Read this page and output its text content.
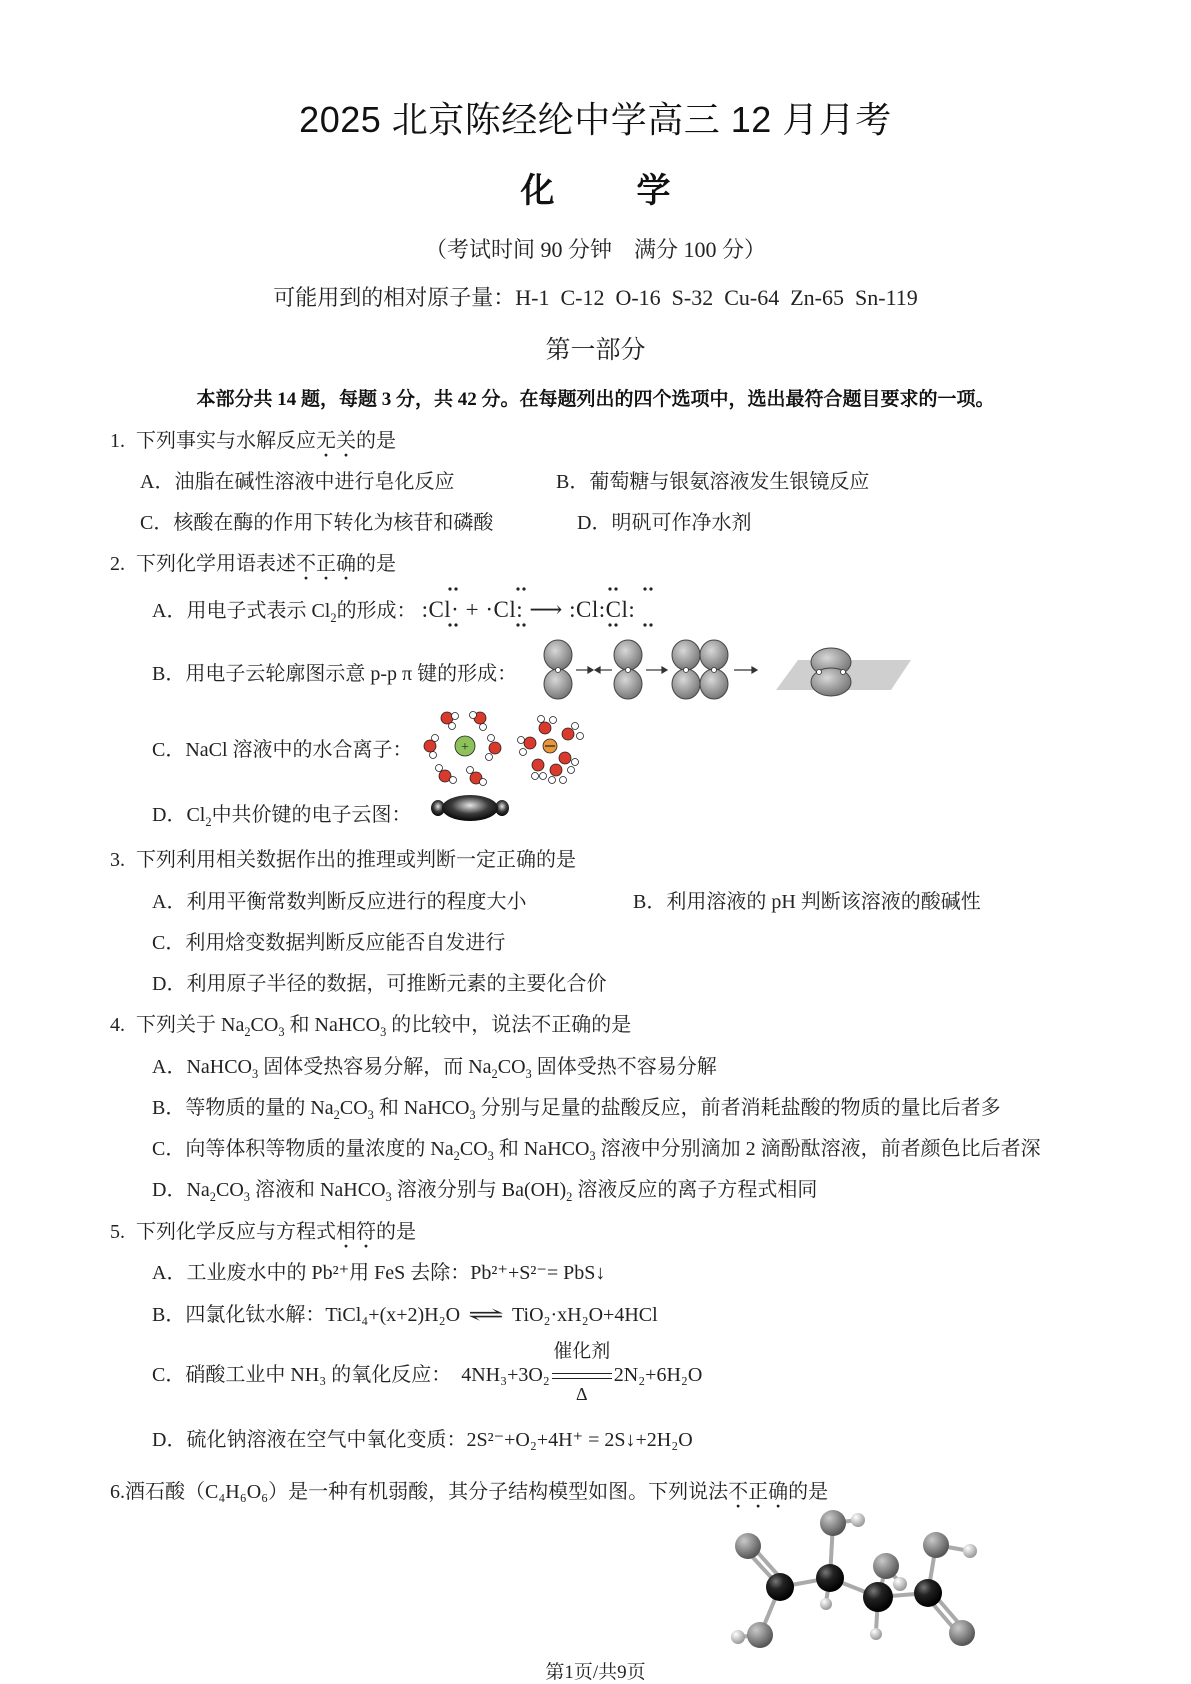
2025 北京陈经纶中学高三 12 月月考
化 学
（考试时间 90 分钟　满分 100 分）
可能用到的相对原子量：H-1  C-12  O-16  S-32  Cu-64  Zn-65  Sn-119
第一部分
本部分共 14 题，每题 3 分，共 42 分。在每题列出的四个选项中，选出最符合题目要求的一项。
1. 下列事实与水解反应无关的是
A．油脂在碱性溶液中进行皂化反应	B．葡萄糖与银氨溶液发生银镜反应
C．核酸在酶的作用下转化为核苷和磷酸	D．明矾可作净水剂
2. 下列化学用语表述不正确的是
A．用电子式表示 $Cl_2$的形成： :Cl· + ·Cl: ⟶ :Cl:Cl:
B．用电子云轮廓图示意 p-p π 键的形成：
C．NaCl 溶液中的水合离子：	+
D．$Cl_2$中共价键的电子云图：
3. 下列利用相关数据作出的推理或判断一定正确的是
A．利用平衡常数判断反应进行的程度大小	B．利用溶液的 pH 判断该溶液的酸碱性
C．利用焓变数据判断反应能否自发进行
D．利用原子半径的数据，可推断元素的主要化合价
4. 下列关于 $Na_2CO_3$ 和 NaHCO$_3$ 的比较中，说法不正确的是
A．NaHCO$_3$ 固体受热容易分解，而 $Na_2CO_3$ 固体受热不容易分解
B．等物质的量的 $Na_2CO_3$ 和 NaHCO$_3$ 分别与足量的盐酸反应，前者消耗盐酸的物质的量比后者多
C．向等体积等物质的量浓度的 $Na_2CO_3$ 和 NaHCO$_3$ 溶液中分别滴加 2 滴酚酞溶液，前者颜色比后者深
D．$Na_2CO_3$ 溶液和 NaHCO$_3$ 溶液分别与 $Ba(OH)_2$ 溶液反应的离子方程式相同
5. 下列化学反应与方程式相符的是
A．工业废水中的 Pb²⁺用 FeS 去除：Pb²⁺+S²⁻= PbS↓
B．四氯化钛水解：TiCl₄+(x+2)H₂O ⇌ TiO₂·xH₂O+4HCl
C．硝酸工业中 NH₃ 的氧化反应： 4NH₃+3O₂
催化剂
Δ
2N₂+6H₂O
D．硫化钠溶液在空气中氧化变质：2S²⁻+O₂+4H⁺ = 2S↓+2H₂O
6.酒石酸（C₄H₆O₆）是一种有机弱酸，其分子结构模型如图。下列说法不正确的是
第1页/共9页
